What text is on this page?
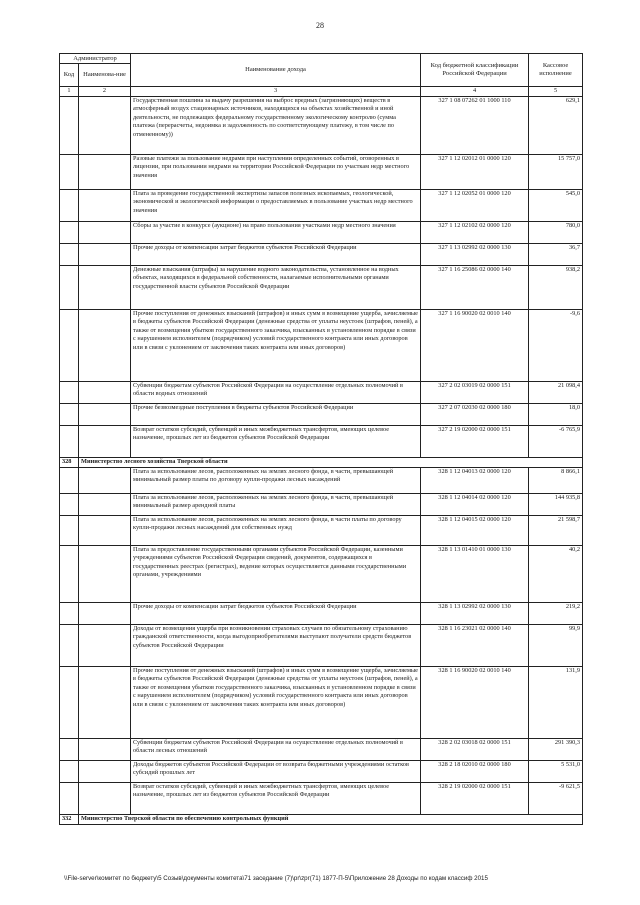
28
Администратор		Наименование дохода	Код бюджетной классификации Российской Федерации	Кассовое исполнение
Код	Наименова-ние			
1	2	3	4	5
		Государственная пошлина за выдачу разрешения на выброс вредных (загрязняющих) веществ в атмосферный воздух стационарных источников, находящихся на объектах хозяйственной и иной деятельности, не подлежащих федеральному государственному экологическому контролю (сумма платежа (перерасчеты, недоимка и задолженность по соответствующему платежу, в том числе по отмененному))	327 1 08 07262 01 1000 110	629,1
		Разовые платежи за пользование недрами при наступлении определенных событий, оговоренных в лицензии, при пользовании недрами на территории Российской Федерации по участкам недр местного значения	327 1 12 02012 01 0000 120	15 757,0
		Плата за проведение государственной экспертизы запасов полезных ископаемых, геологической, экономической и экологической информации о предоставляемых в пользование участках недр местного значения	327 1 12 02052 01 0000 120	545,0
		Сборы за участие в конкурсе (аукционе) на право пользования участками недр местного значения	327 1 12 02102 02 0000 120	780,0
		Прочие доходы от компенсации затрат бюджетов субъектов Российской Федерации	327 1 13 02992 02 0000 130	36,7
		Денежные взыскания (штрафы) за нарушение водного законодательства, установленное на водных объектах, находящихся в федеральной собственности, налагаемые исполнительными органами государственной власти субъектов Российской Федерации	327 1 16 25086 02 0000 140	938,2
		Прочие поступления от денежных взысканий (штрафов) и иных сумм в возмещение ущерба, зачисляемые в бюджеты субъектов Российской Федерации (денежные средства от уплаты неустоек (штрафов, пеней), а также от возмещения убытков государственного заказчика, взысканных в установленном порядке в связи с нарушением исполнителем (подрядчиком) условий государственного контракта или иных договоров или в связи с уклонением от заключения таких контракта или иных договоров)	327 1 16 90020 02 0010 140	-9,6
		Субвенции бюджетам субъектов Российской Федерации на осуществление отдельных полномочий в области водных отношений	327 2 02 03019 02 0000 151	21 098,4
		Прочие безвозмездные поступления в бюджеты субъектов Российской Федерации	327 2 07 02030 02 0000 180	18,0
		Возврат остатков субсидий, субвенций и иных межбюджетных трансфертов, имеющих целевое назначение, прошлых лет из бюджетов субъектов Российской Федерации	327 2 19 02000 02 0000 151	-6 765,9
328	Министерство лесного хозяйства Тверской области			
		Плата за использование лесов, расположенных на землях лесного фонда, в части, превышающей минимальный размер платы по договору купли-продажи лесных насаждений	328 1 12 04013 02 0000 120	8 866,1
		Плата за использование лесов, расположенных на землях лесного фонда, в части, превышающей минимальный размер арендной платы	328 1 12 04014 02 0000 120	144 935,8
		Плата за использование лесов, расположенных на землях лесного фонда, в части платы по договору купли-продажи лесных насаждений для собственных нужд	328 1 12 04015 02 0000 120	21 598,7
		Плата за предоставление государственными органами субъектов Российской Федерации, казенными учреждениями субъектов Российской Федерации сведений, документов, содержащихся в государственных реестрах (регистрах), ведение которых осуществляется данными государственными органами, учреждениями	328 1 13 01410 01 0000 130	40,2
		Прочие доходы от компенсации затрат бюджетов субъектов Российской Федерации	328 1 13 02992 02 0000 130	219,2
		Доходы от возмещения ущерба при возникновении страховых случаев по обязательному страхованию гражданской ответственности, когда выгодоприобретателями выступают получатели средств бюджетов субъектов Российской Федерации	328 1 16 23021 02 0000 140	99,9
		Прочие поступления от денежных взысканий (штрафов) и иных сумм в возмещение ущерба, зачисляемые в бюджеты субъектов Российской Федерации (денежные средства от уплаты неустоек (штрафов, пеней), а также от возмещения убытков государственного заказчика, взысканных в установленном порядке в связи с нарушением исполнителем (подрядчиком) условий государственного контракта или иных договоров или в связи с уклонением от заключения таких контракта или иных договоров)	328 1 16 90020 02 0010 140	131,9
		Субвенции бюджетам субъектов Российской Федерации на осуществление отдельных полномочий в области лесных отношений	328 2 02 03018 02 0000 151	291 390,3
		Доходы бюджетов субъектов Российской Федерации от возврата бюджетными учреждениями остатков субсидий прошлых лет	328 2 18 02010 02 0000 180	5 531,0
		Возврат остатков субсидий, субвенций и иных межбюджетных трансфертов, имеющих целевое назначение, прошлых лет из бюджетов субъектов Российской Федерации	328 2 19 02000 02 0000 151	-9 621,5
332	Министерство Тверской области по обеспечению контрольных функций			
\\File-server\комитет по бюджету\5 Созыв\документы комитета\71 заседание (7)\pr\zpr(71) 1877-П-5\Приложение 28 Доходы по кодам классиф 2015
